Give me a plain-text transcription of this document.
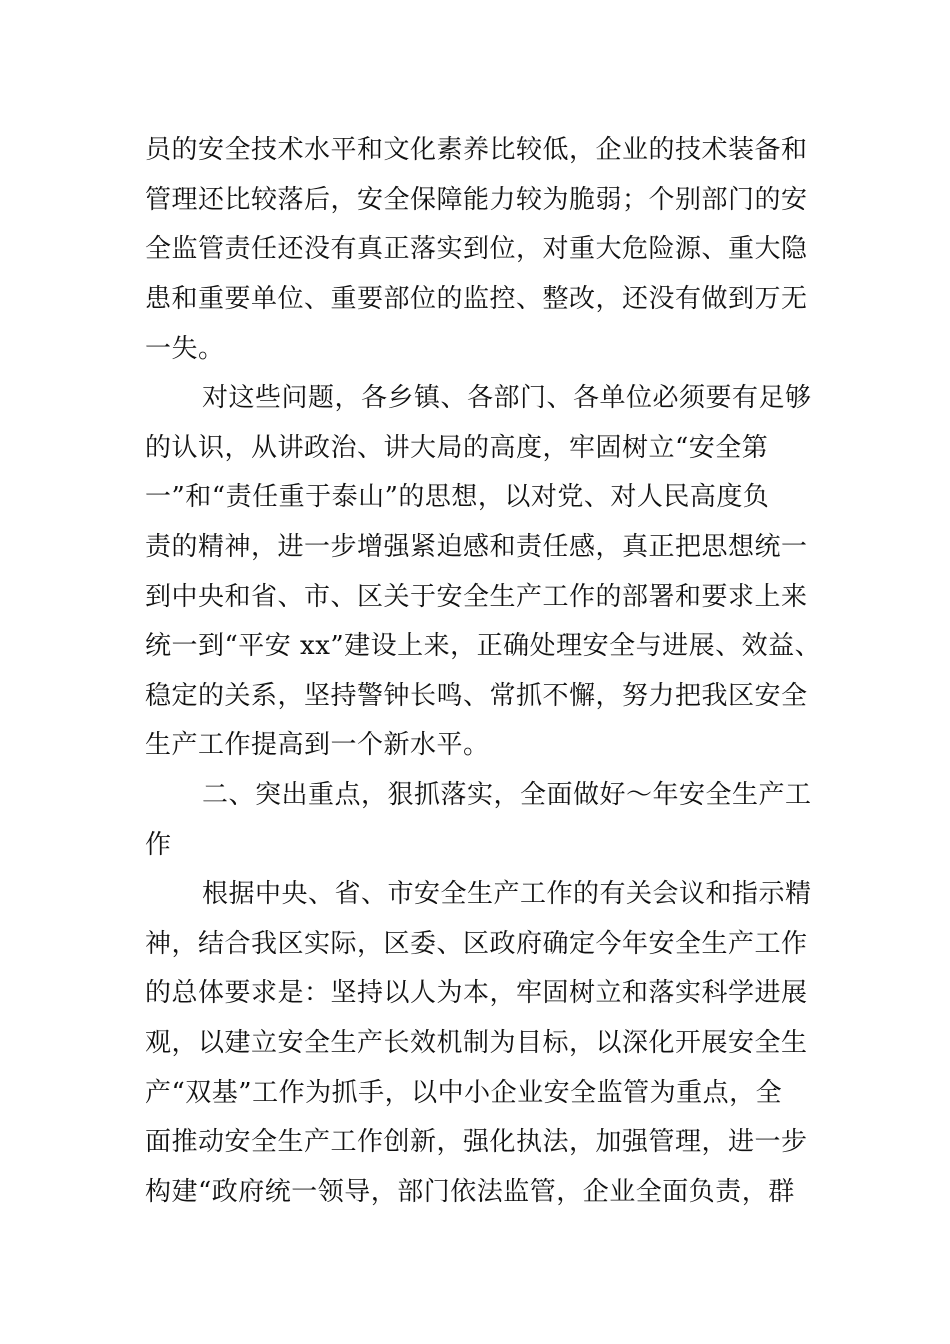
员的安全技术水平和文化素养比较低，企业的技术装备和
管理还比较落后，安全保障能力较为脆弱；个别部门的安
全监管责任还没有真正落实到位，对重大危险源、重大隐
患和重要单位、重要部位的监控、整改，还没有做到万无
一失。
对这些问题，各乡镇、各部门、各单位必须要有足够
的认识，从讲政治、讲大局的高度，牢固树立“安全第
一”和“责任重于泰山”的思想，以对党、对人民高度负
责的精神，进一步增强紧迫感和责任感，真正把思想统一
到中央和省、市、区关于安全生产工作的部署和要求上来
统一到“平安 xx”建设上来，正确处理安全与进展、效益、
稳定的关系，坚持警钟长鸣、常抓不懈，努力把我区安全
生产工作提高到一个新水平。
二、突出重点，狠抓落实，全面做好～年安全生产工
作
根据中央、省、市安全生产工作的有关会议和指示精
神，结合我区实际，区委、区政府确定今年安全生产工作
的总体要求是：坚持以人为本，牢固树立和落实科学进展
观，以建立安全生产长效机制为目标，以深化开展安全生
产“双基”工作为抓手，以中小企业安全监管为重点，全
面推动安全生产工作创新，强化执法，加强管理，进一步
构建“政府统一领导，部门依法监管，企业全面负责，群
